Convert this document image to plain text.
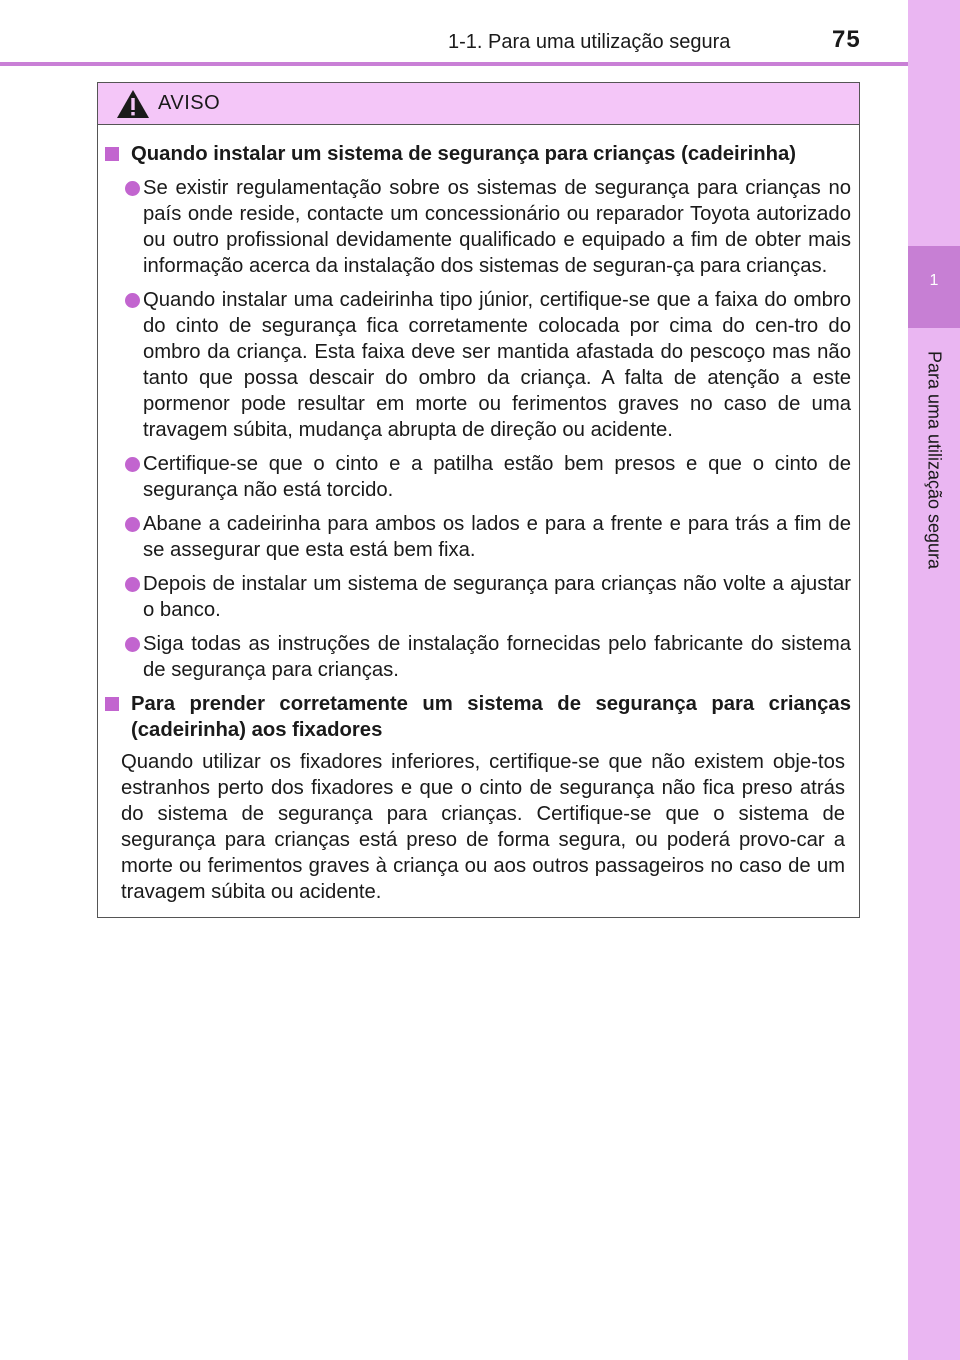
1-1. Para uma utilização segura	75
1
Para uma utilização segura
AVISO
Quando instalar um sistema de segurança para crianças (cadeirinha)
Se existir regulamentação sobre os sistemas de segurança para crianças no país onde reside, contacte um concessionário ou reparador Toyota autorizado ou outro profissional devidamente qualificado e equipado a fim de obter mais informação acerca da instalação dos sistemas de seguran-ça para crianças.
Quando instalar uma cadeirinha tipo júnior, certifique-se que a faixa do ombro do cinto de segurança fica corretamente colocada por cima do cen-tro do ombro da criança. Esta faixa deve ser mantida afastada do pescoço mas não tanto que possa descair do ombro da criança. A falta de atenção a este pormenor pode resultar em morte ou ferimentos graves no caso de uma travagem súbita, mudança abrupta de direção ou acidente.
Certifique-se que o cinto e a patilha estão bem presos e que o cinto de segurança não está torcido.
Abane a cadeirinha para ambos os lados e para a frente e para trás a fim de se assegurar que esta está bem fixa.
Depois de instalar um sistema de segurança para crianças não volte a ajustar o banco.
Siga todas as instruções de instalação fornecidas pelo fabricante do sistema de segurança para crianças.
Para prender corretamente um sistema de segurança para crianças (cadeirinha) aos fixadores
Quando utilizar os fixadores inferiores, certifique-se que não existem obje-tos estranhos perto dos fixadores e que o cinto de segurança não fica preso atrás do sistema de segurança para crianças. Certifique-se que o sistema de segurança para crianças está preso de forma segura, ou poderá provo-car a morte ou ferimentos graves à criança ou aos outros passageiros no caso de um travagem súbita ou acidente.
